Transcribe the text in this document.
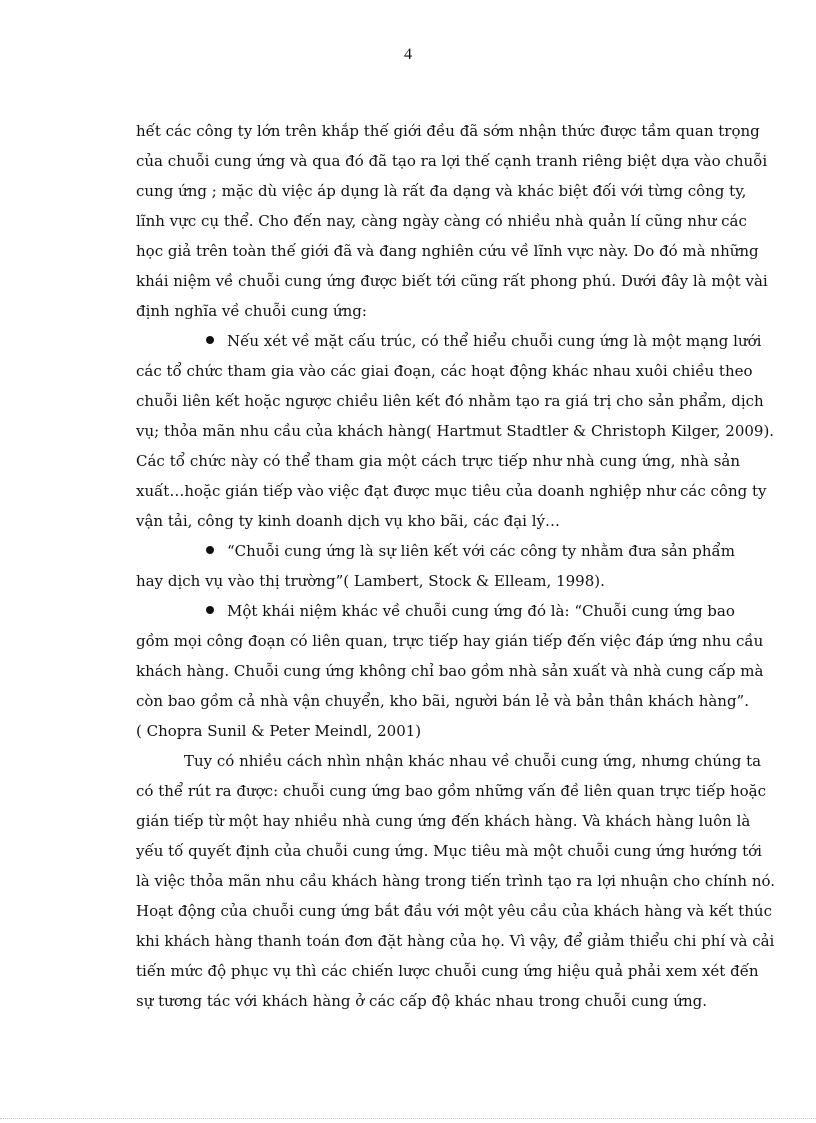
4
hết các công ty lớn trên khắp thế giới đều đã sớm nhận thức được tầm quan trọng
của chuỗi cung ứng và qua đó đã tạo ra lợi thế cạnh tranh riêng biệt dựa vào chuỗi
cung ứng ; mặc dù việc áp dụng là rất đa dạng và khác biệt đối với từng công ty,
lĩnh vực cụ thể. Cho đến nay, càng ngày càng có nhiều nhà quản lí cũng như các
học giả trên toàn thế giới đã và đang nghiên cứu về lĩnh vực này. Do đó mà những
khái niệm về chuỗi cung ứng được biết tới cũng rất phong phú. Dưới đây là một vài
định nghĩa về chuỗi cung ứng:
Nếu xét về mặt cấu trúc, có thể hiểu chuỗi cung ứng là một mạng lưới
các tổ chức tham gia vào các giai đoạn, các hoạt động khác nhau xuôi chiều theo
chuỗi liên kết hoặc ngược chiều liên kết đó nhằm tạo ra giá trị cho sản phẩm, dịch
vụ; thỏa mãn nhu cầu của khách hàng( Hartmut Stadtler & Christoph Kilger, 2009).
Các tổ chức này có thể tham gia một cách trực tiếp như nhà cung ứng, nhà sản
xuất…hoặc gián tiếp vào việc đạt được mục tiêu của doanh nghiệp như các công ty
vận tải, công ty kinh doanh dịch vụ kho bãi, các đại lý…
“Chuỗi cung ứng là sự liên kết với các công ty nhằm đưa sản phẩm
hay dịch vụ vào thị trường”( Lambert, Stock & Elleam, 1998).
Một khái niệm khác về chuỗi cung ứng đó là: “Chuỗi cung ứng bao
gồm mọi công đoạn có liên quan, trực tiếp hay gián tiếp đến việc đáp ứng nhu cầu
khách hàng. Chuỗi cung ứng không chỉ bao gồm nhà sản xuất và nhà cung cấp mà
còn bao gồm cả nhà vận chuyển, kho bãi, người bán lẻ và bản thân khách hàng”.
( Chopra Sunil & Peter Meindl, 2001)
Tuy có nhiều cách nhìn nhận khác nhau về chuỗi cung ứng, nhưng chúng ta
có thể rút ra được: chuỗi cung ứng bao gồm những vấn đề liên quan trực tiếp hoặc
gián tiếp từ một hay nhiều nhà cung ứng đến khách hàng. Và khách hàng luôn là
yếu tố quyết định của chuỗi cung ứng. Mục tiêu mà một chuỗi cung ứng hướng tới
là việc thỏa mãn nhu cầu khách hàng trong tiến trình tạo ra lợi nhuận cho chính nó.
Hoạt động của chuỗi cung ứng bắt đầu với một yêu cầu của khách hàng và kết thúc
khi khách hàng thanh toán đơn đặt hàng của họ. Vì vậy, để giảm thiểu chi phí và cải
tiến mức độ phục vụ thì các chiến lược chuỗi cung ứng hiệu quả phải xem xét đến
sự tương tác với khách hàng ở các cấp độ khác nhau trong chuỗi cung ứng.
